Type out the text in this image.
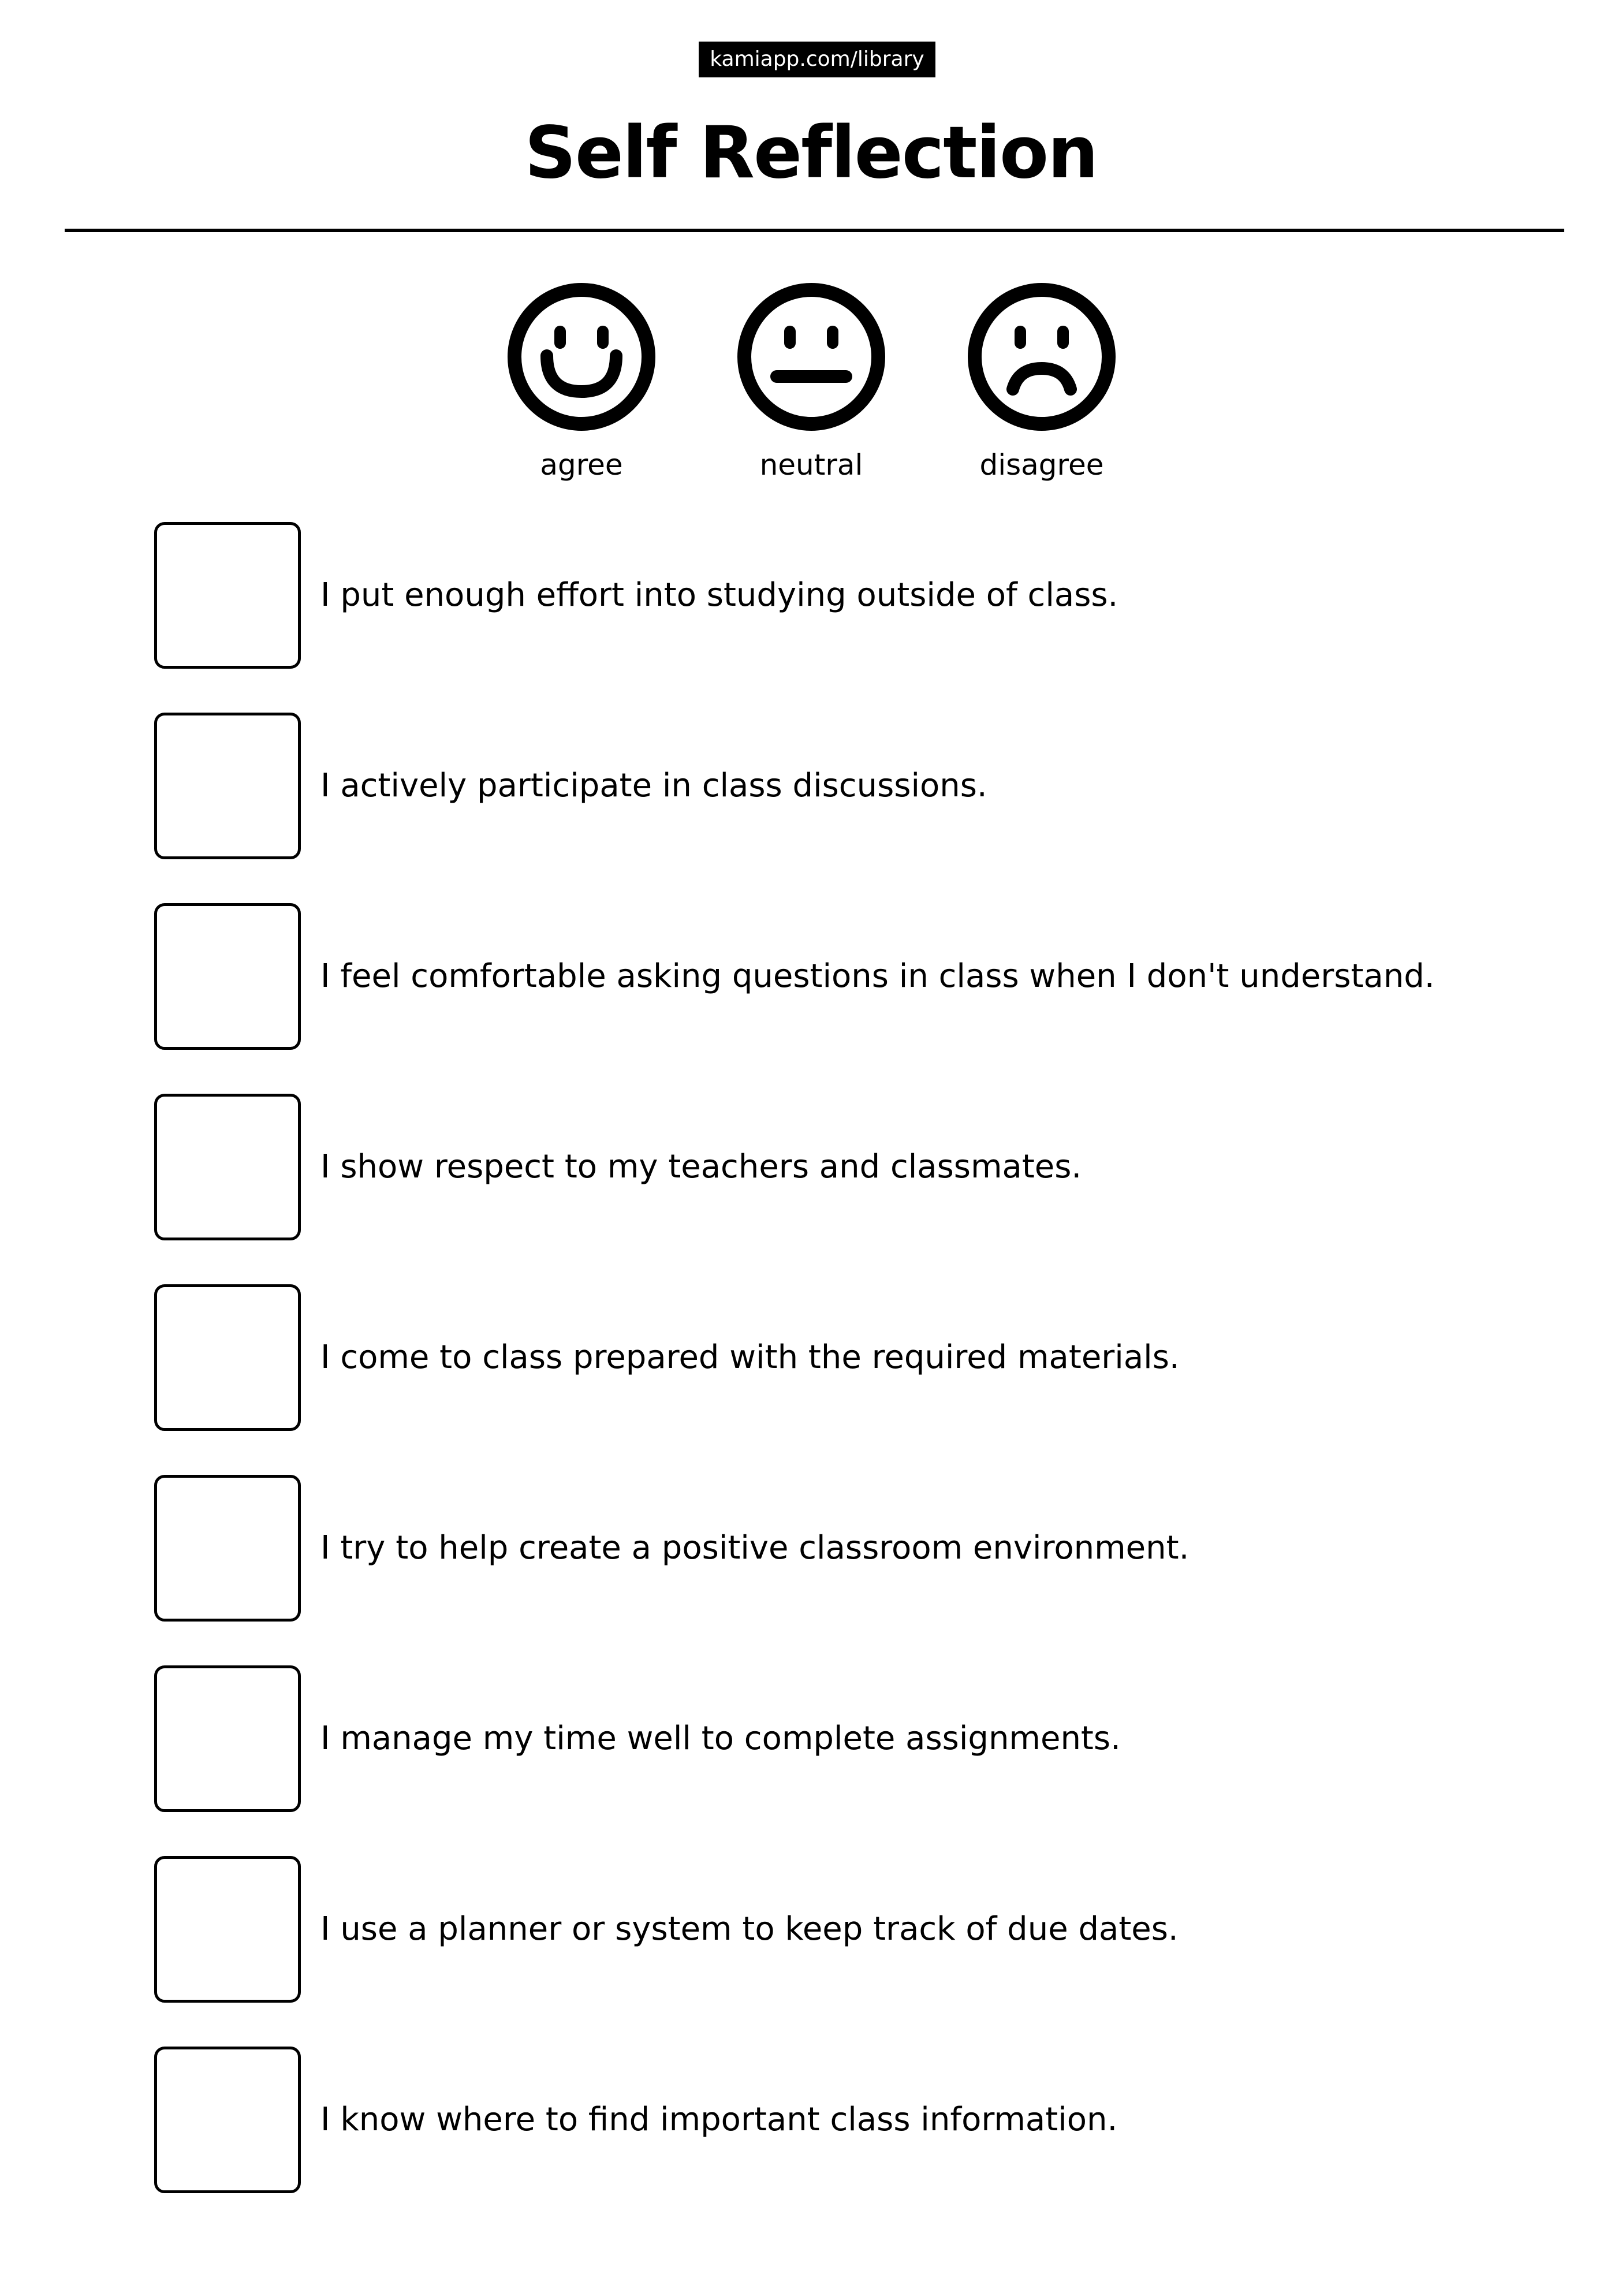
kamiapp.com/library
Self Reflection
agree	neutral	disagree
I put enough effort into studying outside of class.
I actively participate in class discussions.
I feel comfortable asking questions in class when I don't understand.
I show respect to my teachers and classmates.
I come to class prepared with the required materials.
I try to help create a positive classroom environment.
I manage my time well to complete assignments.
I use a planner or system to keep track of due dates.
I know where to find important class information.
